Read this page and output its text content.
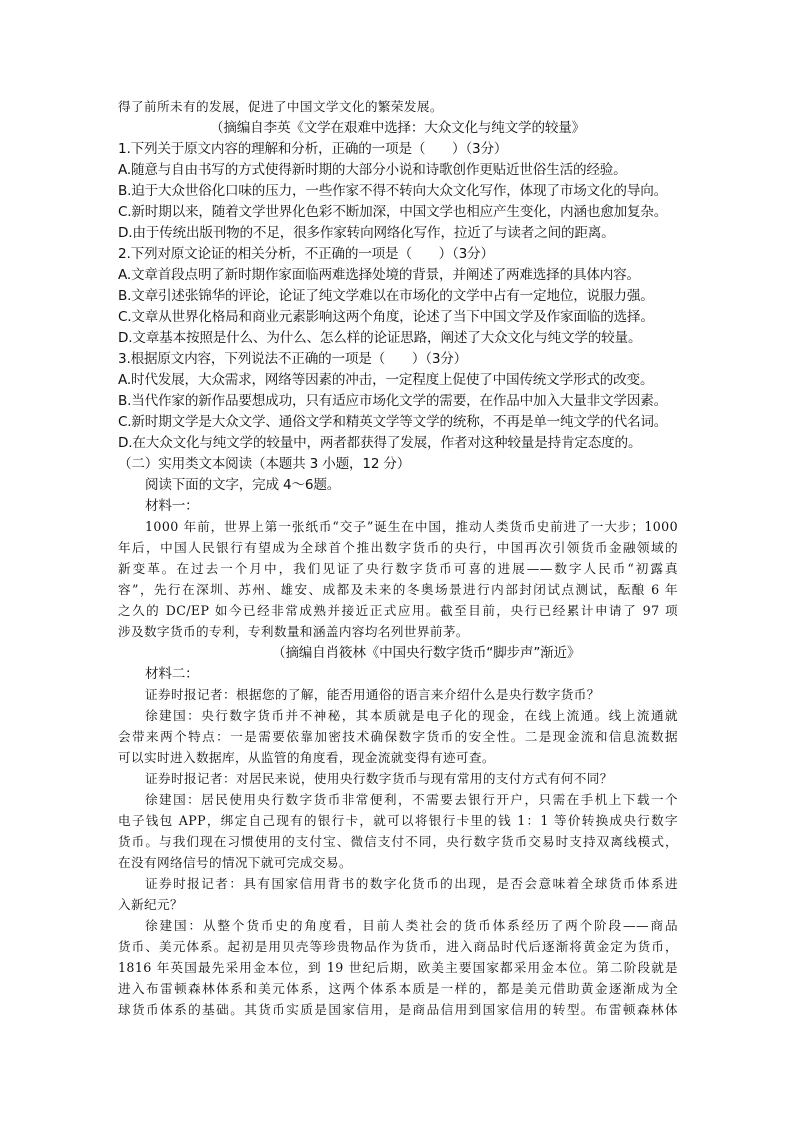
得了前所未有的发展，促进了中国文学文化的繁荣发展。
（摘编自李英《文学在艰难中选择：大众文化与纯文学的较量》
1.下列关于原文内容的理解和分析，正确的一项是（　　）（3分）
A.随意与自由书写的方式使得新时期的大部分小说和诗歌创作更贴近世俗生活的经验。
B.迫于大众世俗化口味的压力，一些作家不得不转向大众文化写作，体现了市场文化的导向。
C.新时期以来，随着文学世界化色彩不断加深，中国文学也相应产生变化，内涵也愈加复杂。
D.由于传统出版刊物的不足，很多作家转向网络化写作，拉近了与读者之间的距离。
2.下列对原文论证的相关分析，不正确的一项是（　　）（3分）
A.文章首段点明了新时期作家面临两难选择处境的背景，并阐述了两难选择的具体内容。
B.文章引述张锦华的评论，论证了纯文学难以在市场化的文学中占有一定地位，说服力强。
C.文章从世界化格局和商业元素影响这两个角度，论述了当下中国文学及作家面临的选择。
D.文章基本按照是什么、为什么、怎么样的论证思路，阐述了大众文化与纯文学的较量。
3.根据原文内容，下列说法不正确的一项是（　　）（3分）
A.时代发展，大众需求，网络等因素的冲击，一定程度上促使了中国传统文学形式的改变。
B.当代作家的新作品要想成功，只有适应市场化文学的需要，在作品中加入大量非文学因素。
C.新时期文学是大众文学、通俗文学和精英文学等文学的统称，不再是单一纯文学的代名词。
D.在大众文化与纯文学的较量中，两者都获得了发展，作者对这种较量是持肯定态度的。
（二）实用类文本阅读（本题共 3 小题，12 分）
阅读下面的文字，完成 4～6题。
材料一：
1000 年前，世界上第一张纸币“交子”诞生在中国，推动人类货币史前进了一大步；1000
年后，中国人民银行有望成为全球首个推出数字货币的央行，中国再次引领货币金融领域的
新变革。在过去一个月中，我们见证了央行数字货币可喜的进展——数字人民币“初露真
容”，先行在深圳、苏州、雄安、成都及未来的冬奥场景进行内部封闭试点测试，酝酿 6 年
之久的 DC/EP 如今已经非常成熟并接近正式应用。截至目前，央行已经累计申请了 97 项
涉及数字货币的专利，专利数量和涵盖内容均名列世界前茅。
（摘编自肖筱林《中国央行数字货币“脚步声”渐近》
材料二：
证券时报记者：根据您的了解，能否用通俗的语言来介绍什么是央行数字货币？
徐建国：央行数字货币并不神秘，其本质就是电子化的现金，在线上流通。线上流通就
会带来两个特点：一是需要依靠加密技术确保数字货币的安全性。二是现金流和信息流数据
可以实时进入数据库，从监管的角度看，现金流就变得有迹可查。
证券时报记者：对居民来说，使用央行数字货币与现有常用的支付方式有何不同？
徐建国：居民使用央行数字货币非常便利，不需要去银行开户，只需在手机上下载一个
电子钱包 APP，绑定自己现有的银行卡，就可以将银行卡里的钱 1：1 等价转换成央行数字
货币。与我们现在习惯使用的支付宝、微信支付不同，央行数字货币交易时支持双离线模式，
在没有网络信号的情况下就可完成交易。
证券时报记者：具有国家信用背书的数字化货币的出现，是否会意味着全球货币体系进
入新纪元？
徐建国：从整个货币史的角度看，目前人类社会的货币体系经历了两个阶段——商品
货币、美元体系。起初是用贝壳等珍贵物品作为货币，进入商品时代后逐渐将黄金定为货币，
1816 年英国最先采用金本位，到 19 世纪后期，欧美主要国家都采用金本位。第二阶段就是
进入布雷顿森林体系和美元体系，这两个体系本质是一样的，都是美元借助黄金逐渐成为全
球货币体系的基础。其货币实质是国家信用，是商品信用到国家信用的转型。布雷顿森林体
